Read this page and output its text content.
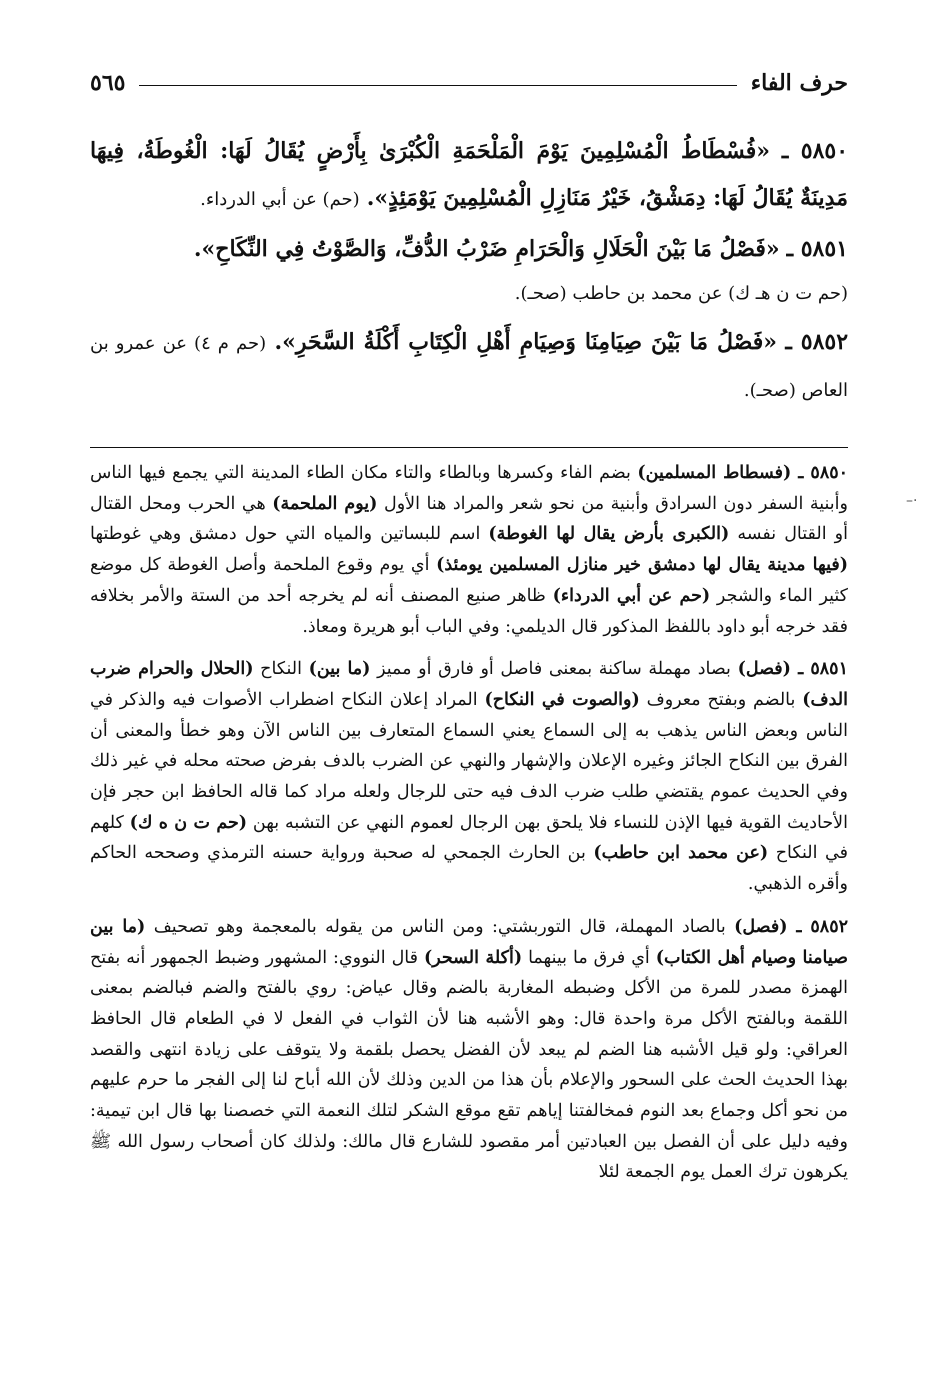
حرف الفاء
٥٦٥
٥٨٥٠ ـ «فُسْطَاطُ الْمُسْلِمِينَ يَوْمَ الْمَلْحَمَةِ الْكُبْرَىٰ بِأَرْضٍ يُقَالُ لَهَا: الْغُوطَةُ، فِيهَا مَدِينَةٌ يُقَالُ لَهَا: دِمَشْقُ، خَيْرُ مَنَازِلِ الْمُسْلِمِينَ يَوْمَئِذٍ». (حم) عن أبي الدرداء.
٥٨٥١ ـ «فَصْلُ مَا بَيْنَ الْحَلَالِ وَالْحَرَامِ ضَرْبُ الدُّفِّ، وَالصَّوْتُ فِي النِّكَاحِ».
(حم ت ن هـ ك) عن محمد بن حاطب (صحـ).
٥٨٥٢ ـ «فَصْلُ مَا بَيْنَ صِيَامِنَا وَصِيَامِ أَهْلِ الْكِتَابِ أَكْلَةُ السَّحَرِ». (حم م ٤) عن عمرو بن العاص (صحـ).

٥٨٥٠ ـ (فسطاط المسلمين) بضم الفاء وكسرها وبالطاء والتاء مكان الطاء المدينة التي يجمع فيها الناس وأبنية السفر دون السرادق وأبنية من نحو شعر والمراد هنا الأول (يوم الملحمة) هي الحرب ومحل القتال أو القتال نفسه (الكبرى بأرض يقال لها الغوطة) اسم للبساتين والمياه التي حول دمشق وهي غوطتها (فيها مدينة يقال لها دمشق خير منازل المسلمين يومئذ) أي يوم وقوع الملحمة وأصل الغوطة كل موضع كثير الماء والشجر (حم عن أبي الدرداء) ظاهر صنيع المصنف أنه لم يخرجه أحد من الستة والأمر بخلافه فقد خرجه أبو داود باللفظ المذكور قال الديلمي: وفي الباب أبو هريرة ومعاذ.

٥٨٥١ ـ (فصل) بصاد مهملة ساكنة بمعنى فاصل أو فارق أو مميز (ما بين) النكاح (الحلال والحرام ضرب الدف) بالضم وبفتح معروف (والصوت في النكاح) المراد إعلان النكاح اضطراب الأصوات فيه والذكر في الناس وبعض الناس يذهب به إلى السماع يعني السماع المتعارف بين الناس الآن وهو خطأ والمعنى أن الفرق بين النكاح الجائز وغيره الإعلان والإشهار والنهي عن الضرب بالدف بفرض صحته محله في غير ذلك وفي الحديث عموم يقتضي طلب ضرب الدف فيه حتى للرجال ولعله مراد كما قاله الحافظ ابن حجر فإن الأحاديث القوية فيها الإذن للنساء فلا يلحق بهن الرجال لعموم النهي عن التشبه بهن (حم ت ن ه ك) كلهم في النكاح (عن محمد ابن حاطب) بن الحارث الجمحي له صحبة ورواية حسنه الترمذي وصححه الحاكم وأقره الذهبي.

٥٨٥٢ ـ (فصل) بالصاد المهملة، قال التوربشتي: ومن الناس من يقوله بالمعجمة وهو تصحيف (ما بين صيامنا وصيام أهل الكتاب) أي فرق ما بينهما (أكلة السحر) قال النووي: المشهور وضبط الجمهور أنه بفتح الهمزة مصدر للمرة من الأكل وضبطه المغاربة بالضم وقال عياض: روي بالفتح والضم فبالضم بمعنى اللقمة وبالفتح الأكل مرة واحدة قال: وهو الأشبه هنا لأن الثواب في الفعل لا في الطعام قال الحافظ العراقي: ولو قيل الأشبه هنا الضم لم يبعد لأن الفضل يحصل بلقمة ولا يتوقف على زيادة انتهى والقصد بهذا الحديث الحث على السحور والإعلام بأن هذا من الدين وذلك لأن الله أباح لنا إلى الفجر ما حرم عليهم من نحو أكل وجماع بعد النوم فمخالفتنا إياهم تقع موقع الشكر لتلك النعمة التي خصصنا بها قال ابن تيمية: وفيه دليل على أن الفصل بين العبادتين أمر مقصود للشارع قال مالك: ولذلك كان أصحاب رسول الله ﷺ يكرهون ترك العمل يوم الجمعة لئلا

–·
